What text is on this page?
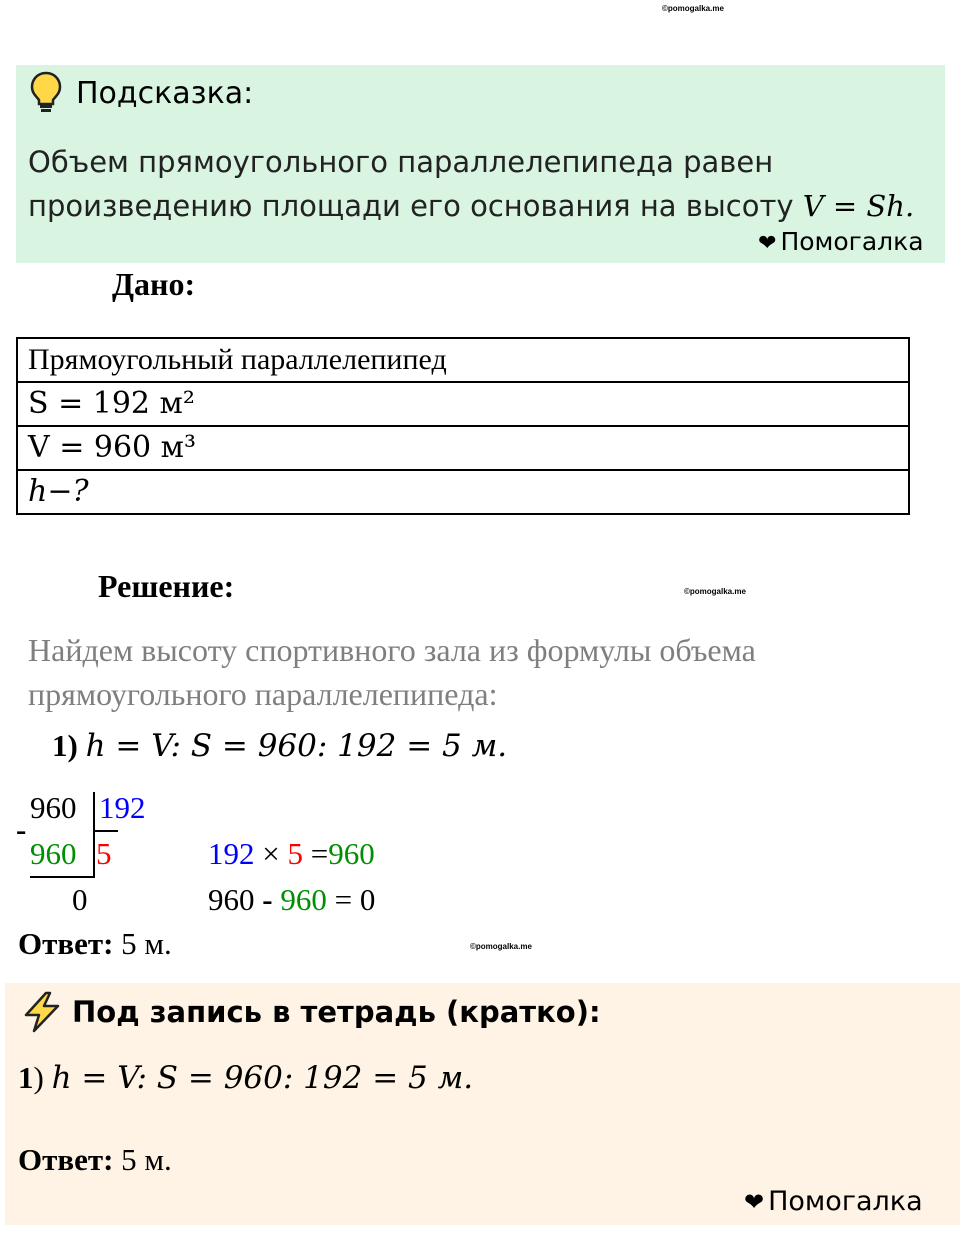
©pomogalka.me
©pomogalka.me
©pomogalka.me
Подсказка:
Объем прямоугольного параллелепипеда равен
произведению площади его основания на высоту V = Sh.
❤ Помогалка
Дано:
Прямоугольный параллелепипед
S = 192 м²
V = 960 м³
h−?
Решение:
Найдем высоту спортивного зала из формулы объема
прямоугольного параллелепипеда:
1) h = V: S = 960: 192 = 5 м.
960 192
-
960 5
0
192 × 5 =960
960 - 960 = 0
Ответ: 5 м.
Под запись в тетрадь (кратко):
1) h = V: S = 960: 192 = 5 м.
Ответ: 5 м.
❤ Помогалка
